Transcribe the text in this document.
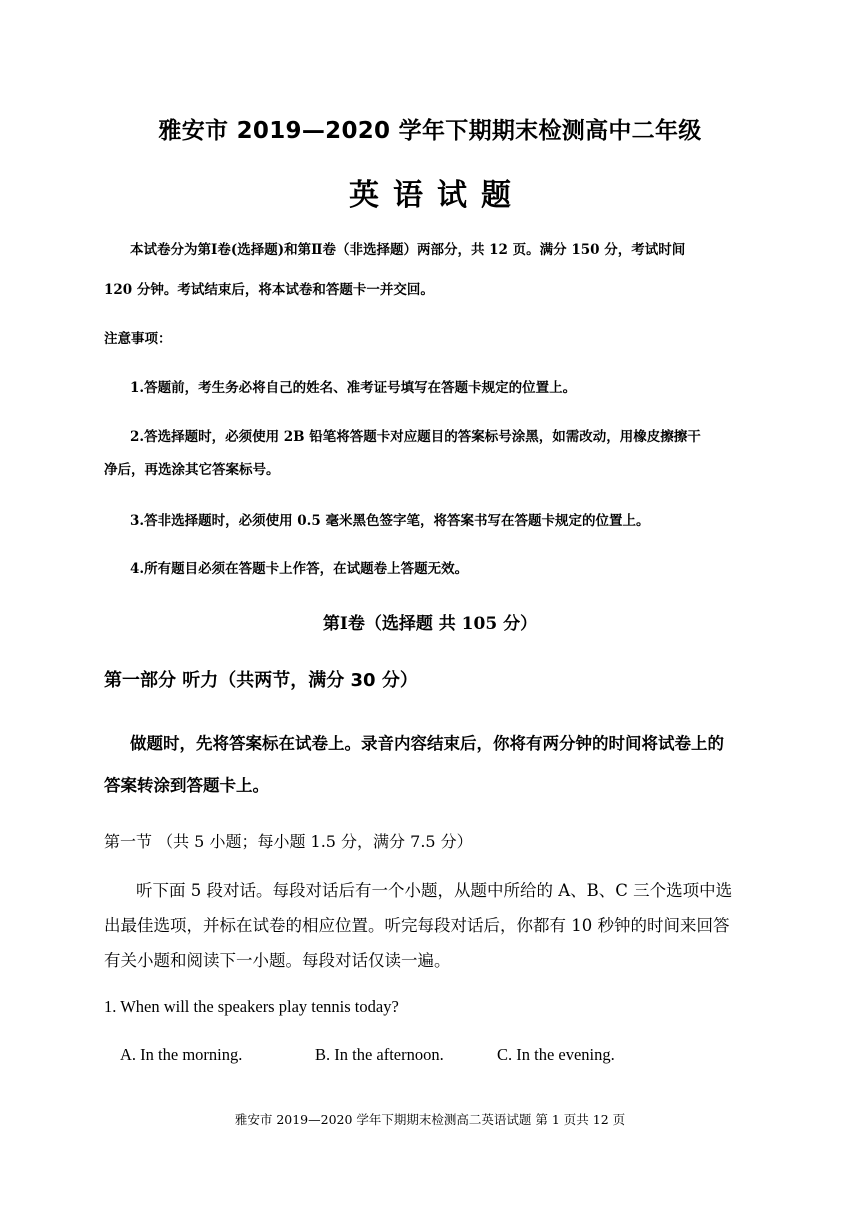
雅安市 2019—2020 学年下期期末检测高中二年级
英语试题
本试卷分为第Ⅰ卷(选择题)和第Ⅱ卷（非选择题）两部分，共 12 页。满分 150 分，考试时间
120 分钟。考试结束后，将本试卷和答题卡一并交回。
注意事项：
1.答题前，考生务必将自己的姓名、准考证号填写在答题卡规定的位置上。
2.答选择题时，必须使用 2B 铅笔将答题卡对应题目的答案标号涂黑，如需改动，用橡皮擦擦干
净后，再选涂其它答案标号。
3.答非选择题时，必须使用 0.5 毫米黑色签字笔，将答案书写在答题卡规定的位置上。
4.所有题目必须在答题卡上作答，在试题卷上答题无效。
第Ⅰ卷（选择题 共 105 分）
第一部分 听力（共两节，满分 30 分）
做题时，先将答案标在试卷上。录音内容结束后，你将有两分钟的时间将试卷上的
答案转涂到答题卡上。
第一节 （共 5 小题；每小题 1.5 分，满分 7.5 分）
听下面 5 段对话。每段对话后有一个小题，从题中所给的 A、B、C 三个选项中选
出最佳选项，并标在试卷的相应位置。听完每段对话后，你都有 10 秒钟的时间来回答
有关小题和阅读下一小题。每段对话仅读一遍。
1. When will the speakers play tennis today?
A. In the morning.	B. In the afternoon.	C. In the evening.
雅安市 2019—2020 学年下期期末检测高二英语试题 第 1 页共 12 页
